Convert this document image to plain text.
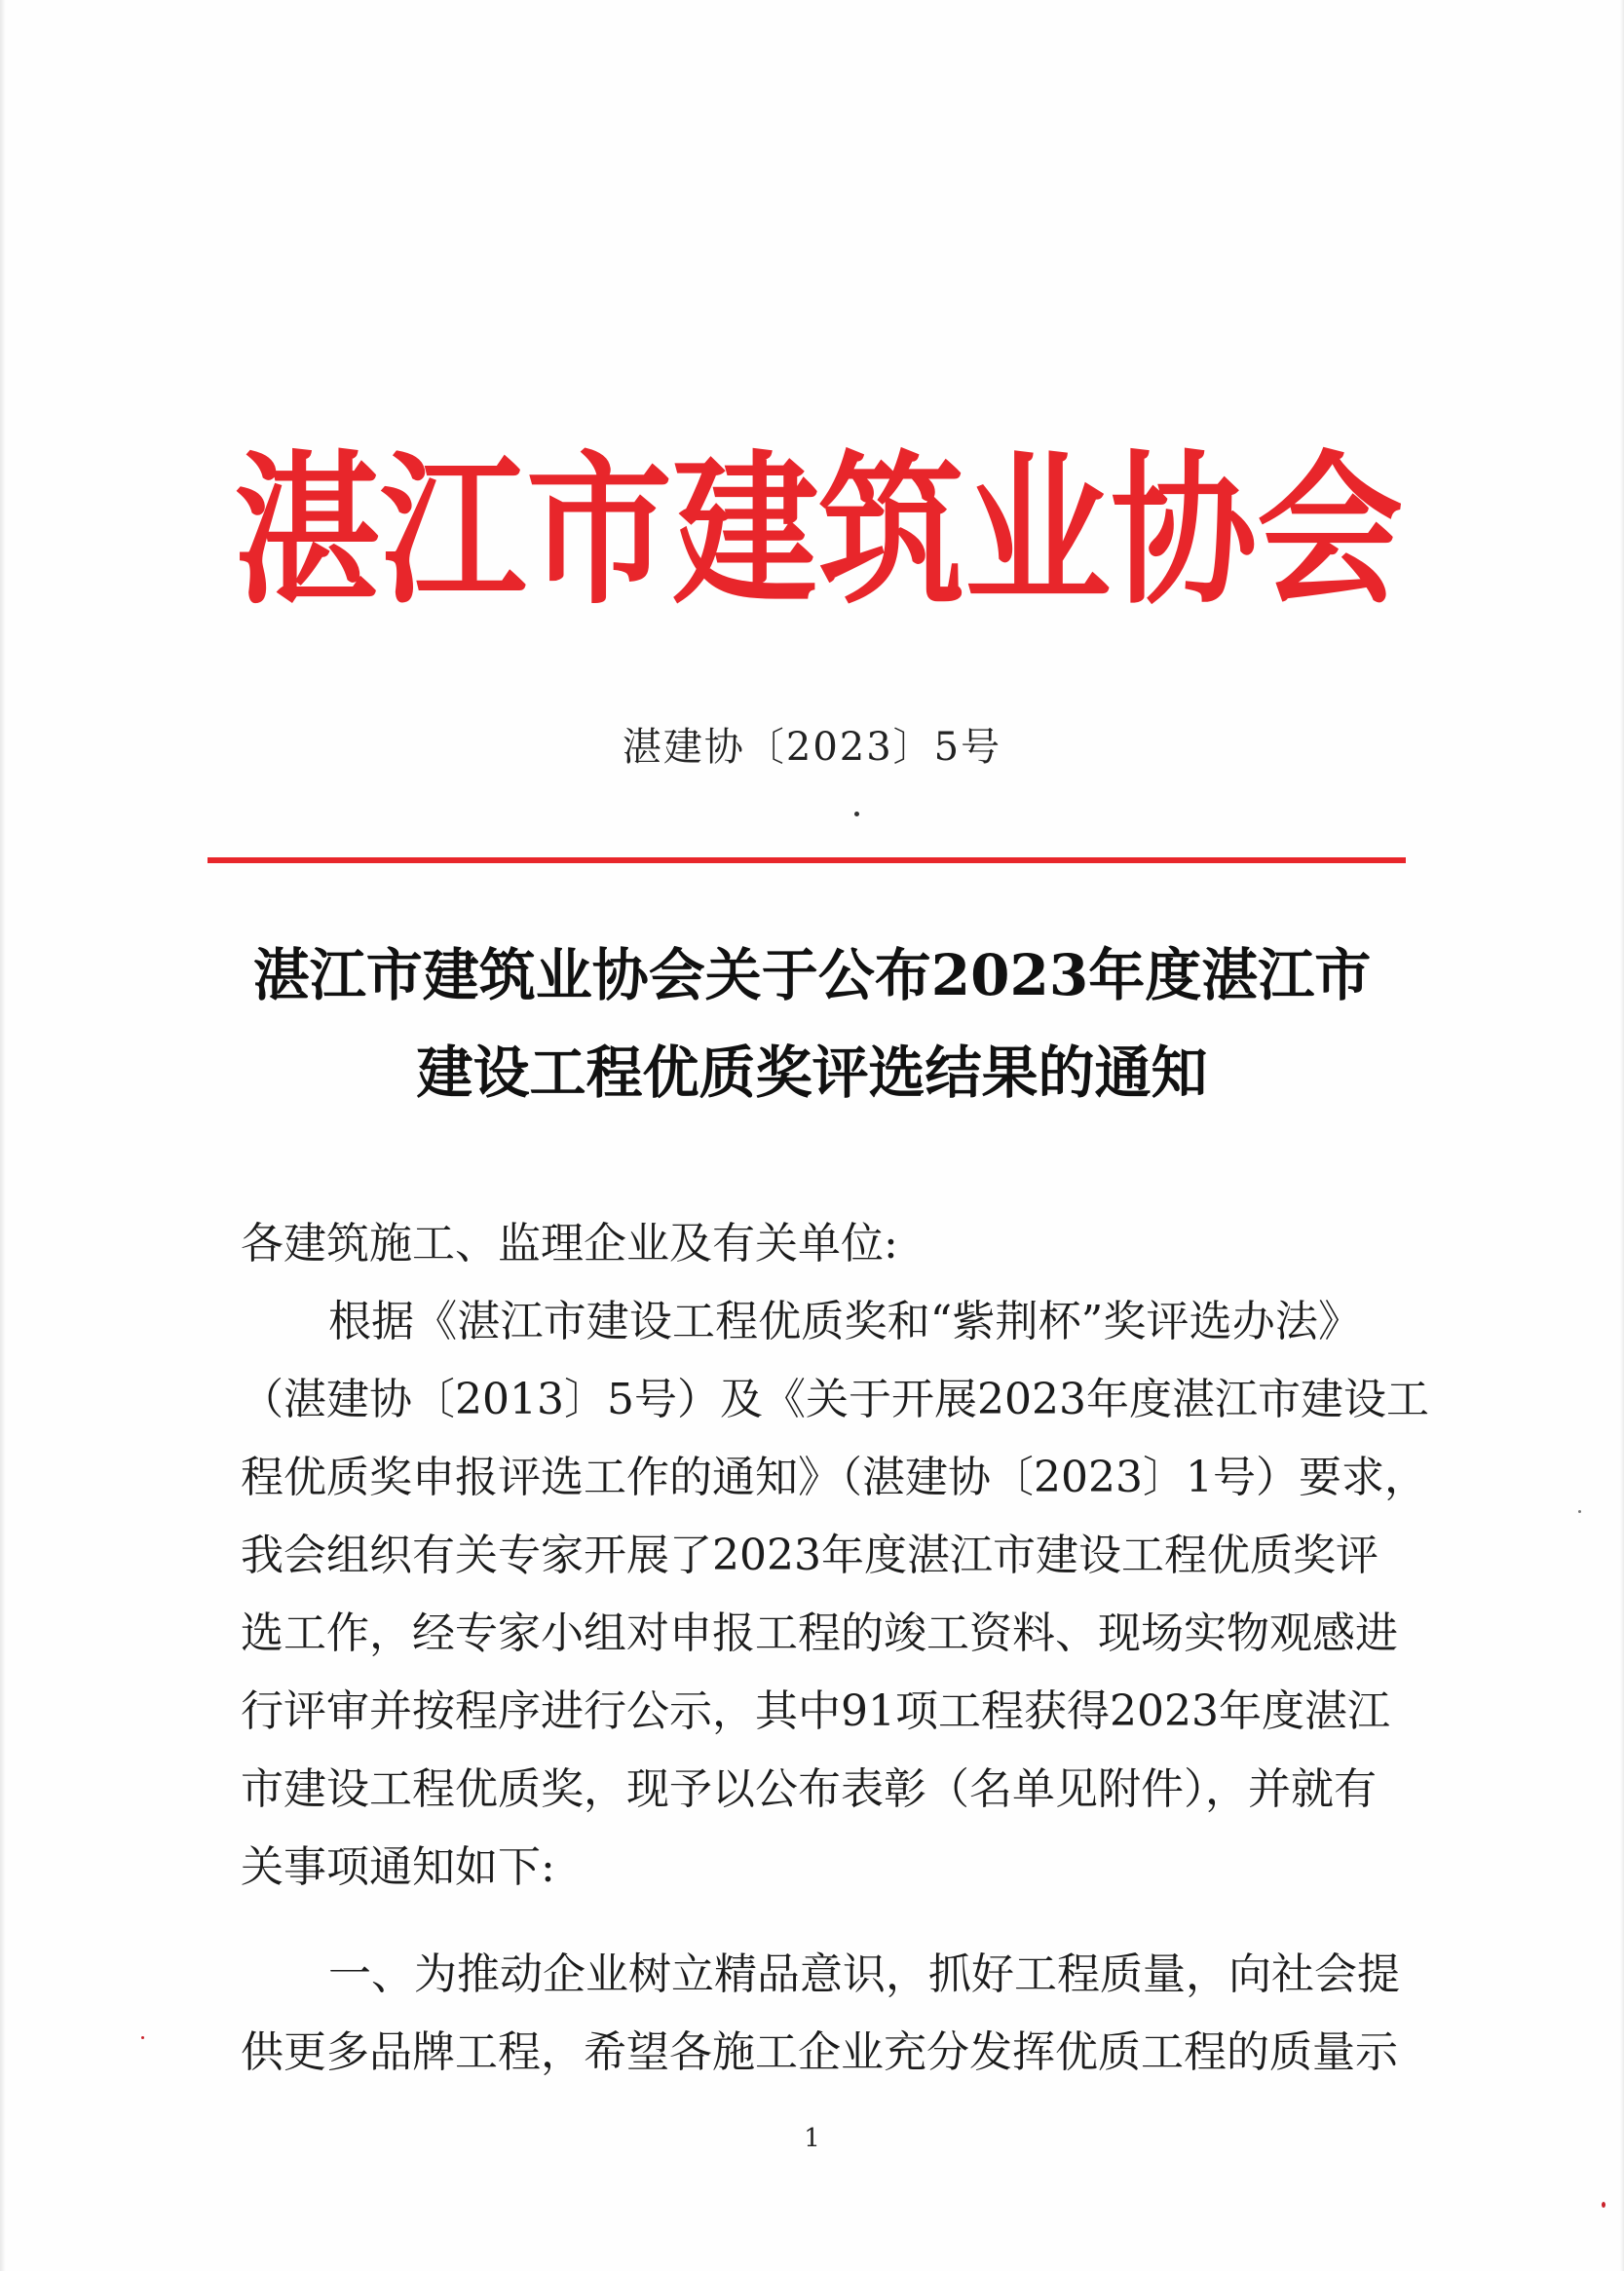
湛 江 市 建 筑 业 协 会
湛建协〔2023〕5号
湛江市建筑业协会关于公布2023年度湛江市
建设工程优质奖评选结果的通知
各建筑施工、监理企业及有关单位:
根据《湛江市建设工程优质奖和“紫荆杯”奖评选办法》
（湛建协〔2013〕5号）及《关于开展2023年度湛江市建设工
程优质奖申报评选工作的通知》（湛建协〔2023〕1号）要求，
我会组织有关专家开展了2023年度湛江市建设工程优质奖评
选工作，经专家小组对申报工程的竣工资料、现场实物观感进
行评审并按程序进行公示，其中91项工程获得2023年度湛江
市建设工程优质奖，现予以公布表彰（名单见附件），并就有
关事项通知如下:
一、为推动企业树立精品意识，抓好工程质量，向社会提
供更多品牌工程，希望各施工企业充分发挥优质工程的质量示
1
